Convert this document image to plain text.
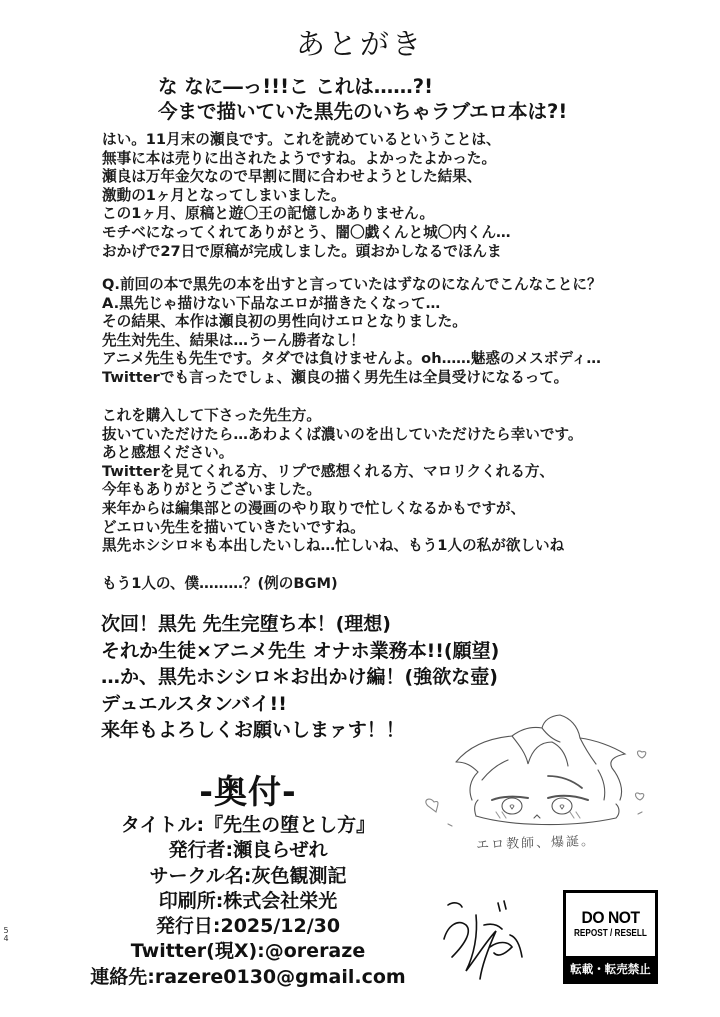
あとがき
な なに―っ!!!こ これは……?!
今まで描いていた黒先のいちゃラブエロ本は?!
はい。11月末の瀬良です。これを読めているということは、
無事に本は売りに出されたようですね。よかったよかった。
瀬良は万年金欠なので早割に間に合わせようとした結果、
激動の1ヶ月となってしまいました。
この1ヶ月、原稿と遊〇王の記憶しかありません。
モチベになってくれてありがとう、闇〇戯くんと城〇内くん…
おかげで27日で原稿が完成しました。頭おかしなるでほんま
Q.前回の本で黒先の本を出すと言っていたはずなのになんでこんなことに？
A.黒先じゃ描けない下品なエロが描きたくなって…
その結果、本作は瀬良初の男性向けエロとなりました。
先生対先生、結果は…うーん勝者なし！
アニメ先生も先生です。タダでは負けませんよ。oh……魅惑のメスボディ…
Twitterでも言ったでしょ、瀬良の描く男先生は全員受けになるって。
これを購入して下さった先生方。
抜いていただけたら…あわよくば濃いのを出していただけたら幸いです。
あと感想ください。
Twitterを見てくれる方、リプで感想くれる方、マロリクくれる方、
今年もありがとうございました。
来年からは編集部との漫画のやり取りで忙しくなるかもですが、
どエロい先生を描いていきたいですね。
黒先ホシシロ＊も本出したいしね…忙しいね、もう1人の私が欲しいね
もう1人の、僕………？(例のBGM)
次回！黒先 先生完堕ち本！(理想)
それか生徒×アニメ先生 オナホ業務本!!(願望)
…か、黒先ホシシロ＊お出かけ編！(強欲な壺)
デュエルスタンバイ!!
来年もよろしくお願いしまァす！！
-奥付-
タイトル:『先生の堕とし方』
発行者:瀬良らぜれ
サークル名:灰色観測記
印刷所:株式会社栄光
発行日:2025/12/30
Twitter(現X):@oreraze
連絡先:razere0130@gmail.com
5
4
エロ教師、爆誕。
DO NOT
REPOST / RESELL
転載・転売禁止
